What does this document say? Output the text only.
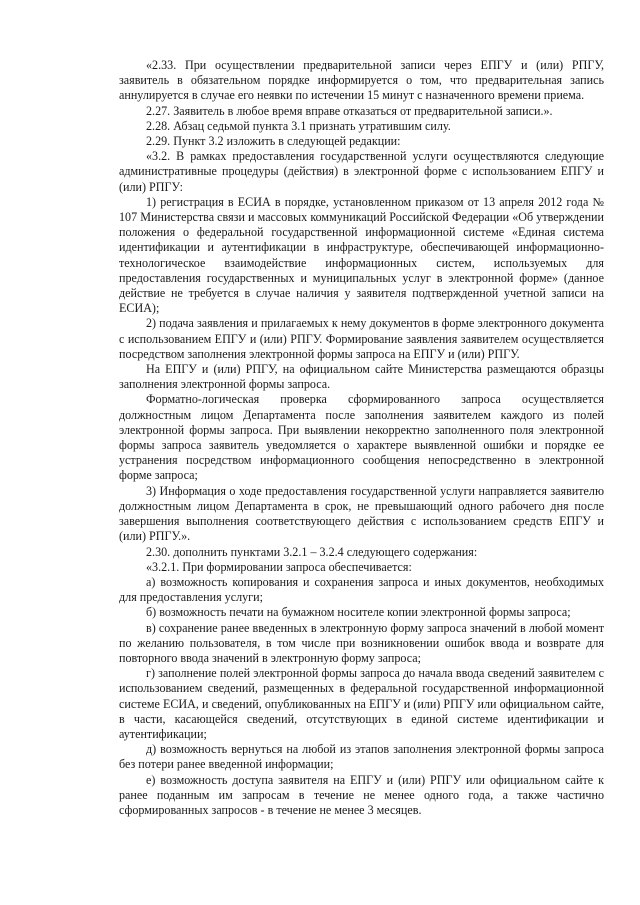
«2.33. При осуществлении предварительной записи через ЕПГУ и (или) РПГУ, заявитель в обязательном порядке информируется о том, что предварительная запись аннулируется в случае его неявки по истечении 15 минут с назначенного времени приема.

2.27. Заявитель в любое время вправе отказаться от предварительной записи.».

2.28. Абзац седьмой пункта 3.1 признать утратившим силу.

2.29. Пункт 3.2 изложить в следующей редакции:

«3.2. В рамках предоставления государственной услуги осуществляются следующие административные процедуры (действия) в электронной форме с использованием ЕПГУ и (или) РПГУ:

1) регистрация в ЕСИА в порядке, установленном приказом от 13 апреля 2012 года № 107 Министерства связи и массовых коммуникаций Российской Федерации «Об утверждении положения о федеральной государственной информационной системе «Единая система идентификации и аутентификации в инфраструктуре, обеспечивающей информационно-технологическое взаимодействие информационных систем, используемых для предоставления государственных и муниципальных услуг в электронной форме» (данное действие не требуется в случае наличия у заявителя подтвержденной учетной записи на ЕСИА);

2) подача заявления и прилагаемых к нему документов в форме электронного документа с использованием ЕПГУ и (или) РПГУ. Формирование заявления заявителем осуществляется посредством заполнения электронной формы запроса на ЕПГУ и (или) РПГУ.

На ЕПГУ и (или) РПГУ, на официальном сайте Министерства размещаются образцы заполнения электронной формы запроса.

Форматно-логическая проверка сформированного запроса осуществляется должностным лицом Департамента после заполнения заявителем каждого из полей электронной формы запроса. При выявлении некорректно заполненного поля электронной формы запроса заявитель уведомляется о характере выявленной ошибки и порядке ее устранения посредством информационного сообщения непосредственно в электронной форме запроса;

3) Информация о ходе предоставления государственной услуги направляется заявителю должностным лицом Департамента в срок, не превышающий одного рабочего дня после завершения выполнения соответствующего действия с использованием средств ЕПГУ и (или) РПГУ.».

2.30. дополнить пунктами 3.2.1 – 3.2.4 следующего содержания:

«3.2.1. При формировании запроса обеспечивается:

а) возможность копирования и сохранения запроса и иных документов, необходимых для предоставления услуги;

б) возможность печати на бумажном носителе копии электронной формы запроса;

в) сохранение ранее введенных в электронную форму запроса значений в любой момент по желанию пользователя, в том числе при возникновении ошибок ввода и возврате для повторного ввода значений в электронную форму запроса;

г) заполнение полей электронной формы запроса до начала ввода сведений заявителем с использованием сведений, размещенных в федеральной государственной информационной системе ЕСИА, и сведений, опубликованных на ЕПГУ и (или) РПГУ или официальном сайте, в части, касающейся сведений, отсутствующих в единой системе идентификации и аутентификации;

д) возможность вернуться на любой из этапов заполнения электронной формы запроса без потери ранее введенной информации;

е) возможность доступа заявителя на ЕПГУ и (или) РПГУ или официальном сайте к ранее поданным им запросам в течение не менее одного года, а также частично сформированных запросов - в течение не менее 3 месяцев.
